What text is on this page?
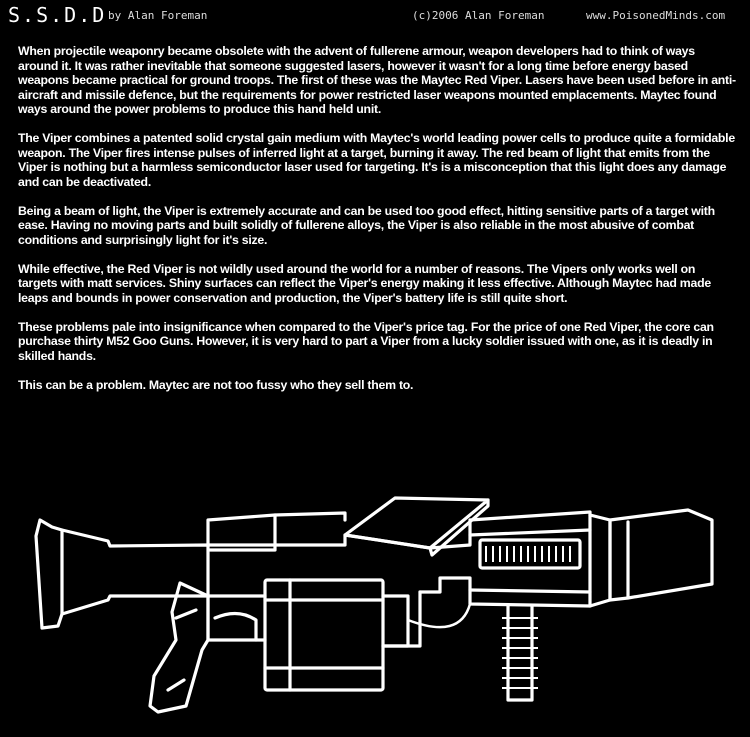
S.S.D.D by Alan Foreman	(c)2006 Alan Foreman	www.PoisonedMinds.com

When projectile weaponry became obsolete with the advent of fullerene armour, weapon developers had to think of ways around it. It was rather inevitable that someone suggested lasers, however it wasn't for a long time before energy based weapons became practical for ground troops. The first of these was the Maytec Red Viper. Lasers have been used before in anti-aircraft and missile defence, but the requirements for power restricted laser weapons mounted emplacements. Maytec found ways around the power problems to produce this hand held unit.

The Viper combines a patented solid crystal gain medium with Maytec's world leading power cells to produce quite a formidable weapon. The Viper fires intense pulses of inferred light at a target, burning it away. The red beam of light that emits from the Viper is nothing but a harmless semiconductor laser used for targeting. It's is a misconception that this light does any damage and can be deactivated.

Being a beam of light, the Viper is extremely accurate and can be used too good effect, hitting sensitive parts of a target with ease. Having no moving parts and built solidly of fullerene alloys, the Viper is also reliable in the most abusive of combat conditions and surprisingly light for it's size.

While effective, the Red Viper is not wildly used around the world for a number of reasons. The Vipers only works well on targets with matt services. Shiny surfaces can reflect the Viper's energy making it less effective. Although Maytec had made leaps and bounds in power conservation and production, the Viper's battery life is still quite short.

These problems pale into insignificance when compared to the Viper's price tag. For the price of one Red Viper, the core can purchase thirty M52 Goo Guns. However, it is very hard to part a Viper from a lucky soldier issued with one, as it is deadly in skilled hands.

This can be a problem. Maytec are not too fussy who they sell them to.
